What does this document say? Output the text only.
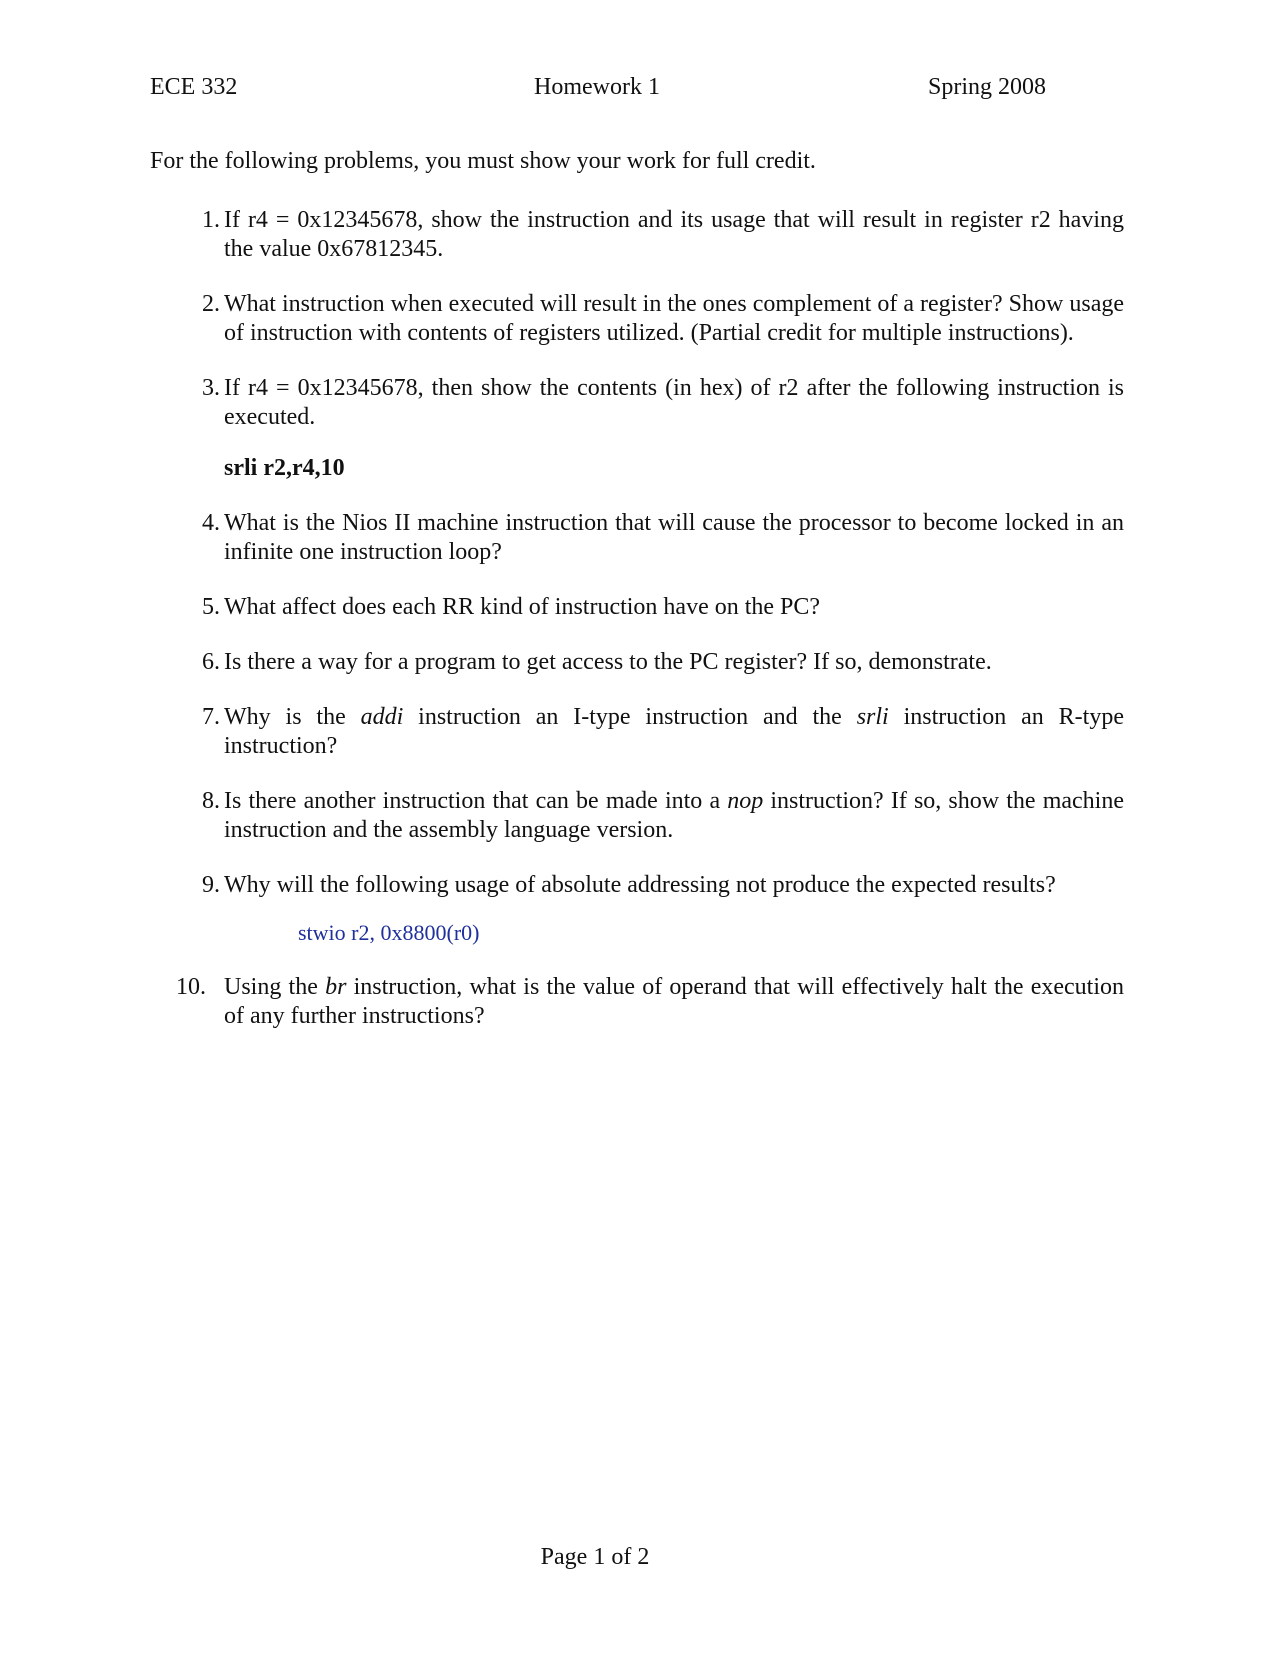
ECE 332	Homework 1	Spring 2008
For the following problems, you must show your work for full credit.
1. If r4 = 0x12345678, show the instruction and its usage that will result in register r2 having the value 0x67812345.
2. What instruction when executed will result in the ones complement of a register? Show usage of instruction with contents of registers utilized. (Partial credit for multiple instructions).
3. If r4 = 0x12345678, then show the contents (in hex) of r2 after the following instruction is executed.
srli r2,r4,10
4. What is the Nios II machine instruction that will cause the processor to become locked in an infinite one instruction loop?
5. What affect does each RR kind of instruction have on the PC?
6. Is there a way for a program to get access to the PC register? If so, demonstrate.
7. Why is the addi instruction an I-type instruction and the srli instruction an R-type instruction?
8. Is there another instruction that can be made into a nop instruction? If so, show the machine instruction and the assembly language version.
9. Why will the following usage of absolute addressing not produce the expected results?
stwio r2, 0x8800(r0)
10. Using the br instruction, what is the value of operand that will effectively halt the execution of any further instructions?
Page 1 of 2
